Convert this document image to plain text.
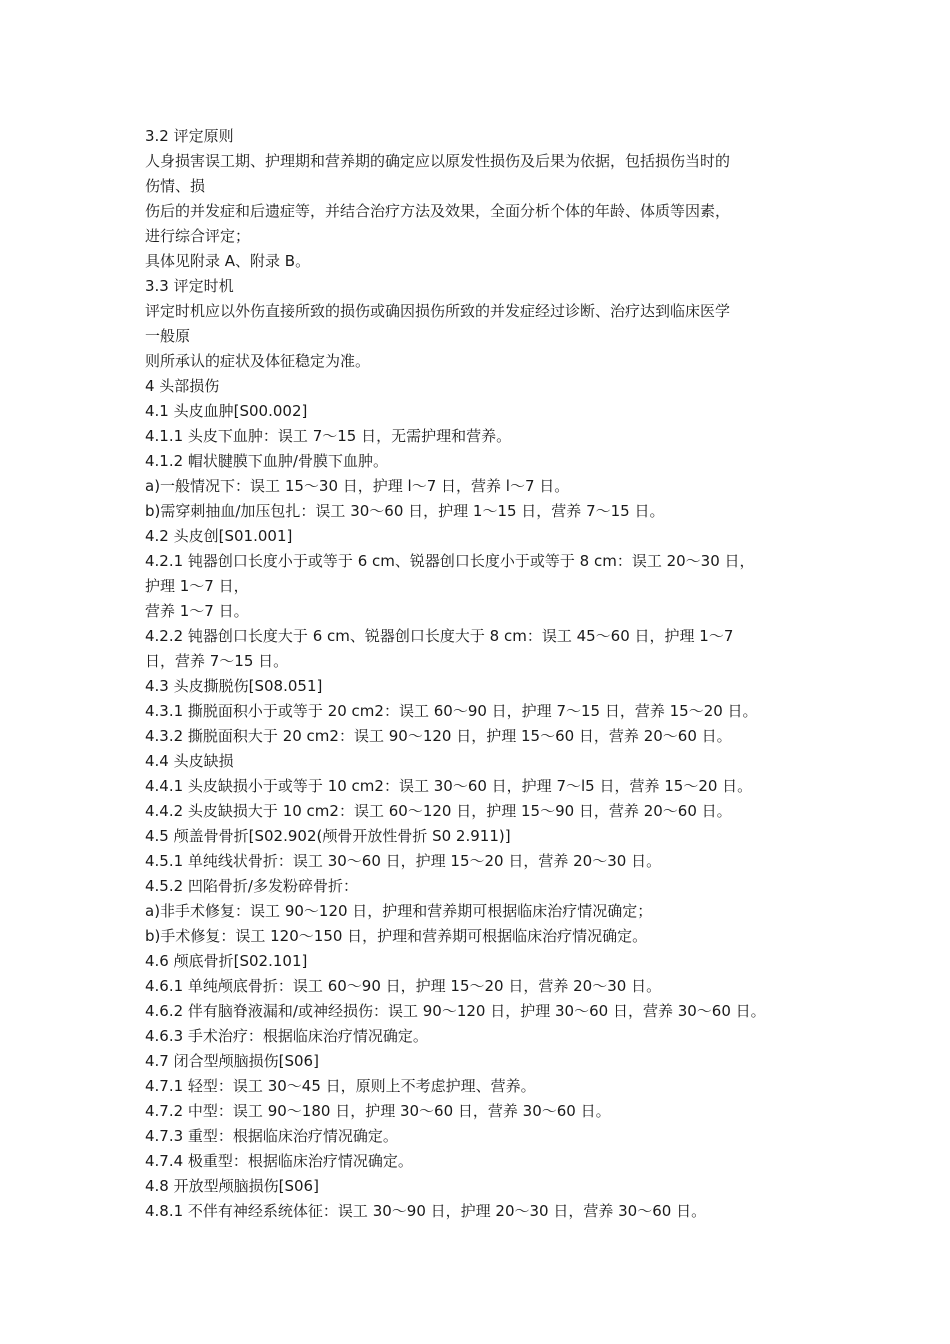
3.2 评定原则
人身损害误工期、护理期和营养期的确定应以原发性损伤及后果为依据，包括损伤当时的
伤情、损
伤后的并发症和后遗症等，并结合治疗方法及效果，全面分析个体的年龄、体质等因素，
进行综合评定；
具体见附录 A、附录 B。
3.3 评定时机
评定时机应以外伤直接所致的损伤或确因损伤所致的并发症经过诊断、治疗达到临床医学
一般原
则所承认的症状及体征稳定为准。
4 头部损伤
4.1 头皮血肿[S00.002]
4.1.1 头皮下血肿：误工 7～15 日，无需护理和营养。
4.1.2 帽状腱膜下血肿/骨膜下血肿。
a)一般情况下：误工 15～30 日，护理 l～7 日，营养 l～7 日。
b)需穿刺抽血/加压包扎：误工 30～60 日，护理 1～15 日，营养 7～15 日。
4.2 头皮创[S01.001]
4.2.1 钝器创口长度小于或等于 6 cm、锐器创口长度小于或等于 8 cm：误工 20～30 日，
护理 1～7 日，
营养 1～7 日。
4.2.2 钝器创口长度大于 6 cm、锐器创口长度大于 8 cm：误工 45～60 日，护理 1～7
日，营养 7～15 日。
4.3 头皮撕脱伤[S08.051]
4.3.1 撕脱面积小于或等于 20 cm2：误工 60～90 日，护理 7～15 日，营养 15～20 日。
4.3.2 撕脱面积大于 20 cm2：误工 90～120 日，护理 15～60 日，营养 20～60 日。
4.4 头皮缺损
4.4.1 头皮缺损小于或等于 10 cm2：误工 30～60 日，护理 7～l5 日，营养 15～20 日。
4.4.2 头皮缺损大于 10 cm2：误工 60～120 日，护理 15～90 日，营养 20～60 日。
4.5 颅盖骨骨折[S02.902(颅骨开放性骨折 S0 2.911)]
4.5.1 单纯线状骨折：误工 30～60 日，护理 15～20 日，营养 20～30 日。
4.5.2 凹陷骨折/多发粉碎骨折：
a)非手术修复：误工 90～120 日，护理和营养期可根据临床治疗情况确定；
b)手术修复：误工 120～150 日，护理和营养期可根据临床治疗情况确定。
4.6 颅底骨折[S02.101]
4.6.1 单纯颅底骨折：误工 60～90 日，护理 15～20 日，营养 20～30 日。
4.6.2 伴有脑脊液漏和/或神经损伤：误工 90～120 日，护理 30～60 日，营养 30～60 日。
4.6.3 手术治疗：根据临床治疗情况确定。
4.7 闭合型颅脑损伤[S06]
4.7.1 轻型：误工 30～45 日，原则上不考虑护理、营养。
4.7.2 中型：误工 90～180 日，护理 30～60 日，营养 30～60 日。
4.7.3 重型：根据临床治疗情况确定。
4.7.4 极重型：根据临床治疗情况确定。
4.8 开放型颅脑损伤[S06]
4.8.1 不伴有神经系统体征：误工 30～90 日，护理 20～30 日，营养 30～60 日。
